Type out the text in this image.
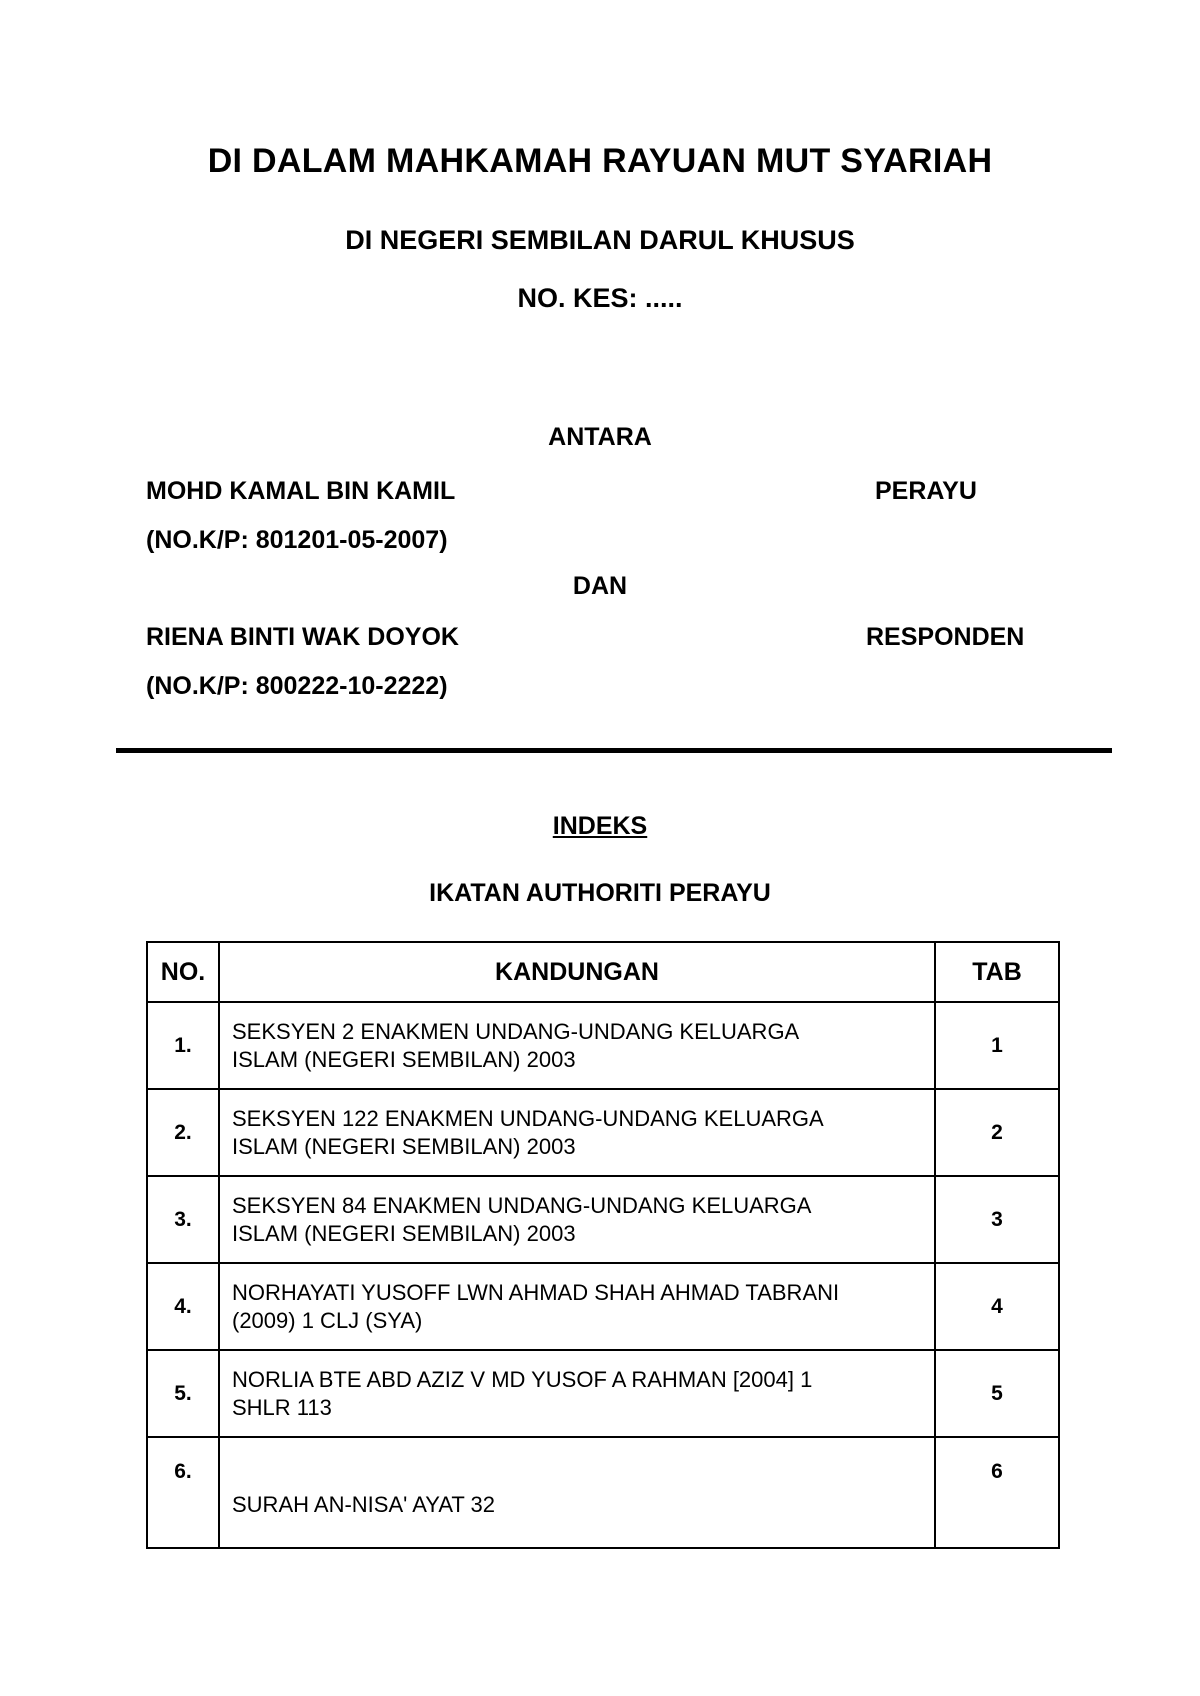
DI DALAM MAHKAMAH RAYUAN MUT SYARIAH
DI NEGERI SEMBILAN DARUL KHUSUS
NO. KES: .....
ANTARA
MOHD KAMAL BIN KAMIL	PERAYU
(NO.K/P: 801201-05-2007)
DAN
RIENA BINTI WAK DOYOK	RESPONDEN
(NO.K/P: 800222-10-2222)
INDEKS
IKATAN AUTHORITI PERAYU
NO.	KANDUNGAN	TAB
1.	SEKSYEN 2 ENAKMEN UNDANG-UNDANG KELUARGA
ISLAM (NEGERI SEMBILAN) 2003	1
2.	SEKSYEN 122 ENAKMEN UNDANG-UNDANG KELUARGA
ISLAM (NEGERI SEMBILAN) 2003	2
3.	SEKSYEN 84 ENAKMEN UNDANG-UNDANG KELUARGA
ISLAM (NEGERI SEMBILAN) 2003	3
4.	NORHAYATI YUSOFF LWN AHMAD SHAH AHMAD TABRANI
(2009) 1 CLJ (SYA)	4
5.	NORLIA BTE ABD AZIZ V MD YUSOF A RAHMAN [2004] 1
SHLR 113	5
6.	SURAH AN-NISA' AYAT 32	6
